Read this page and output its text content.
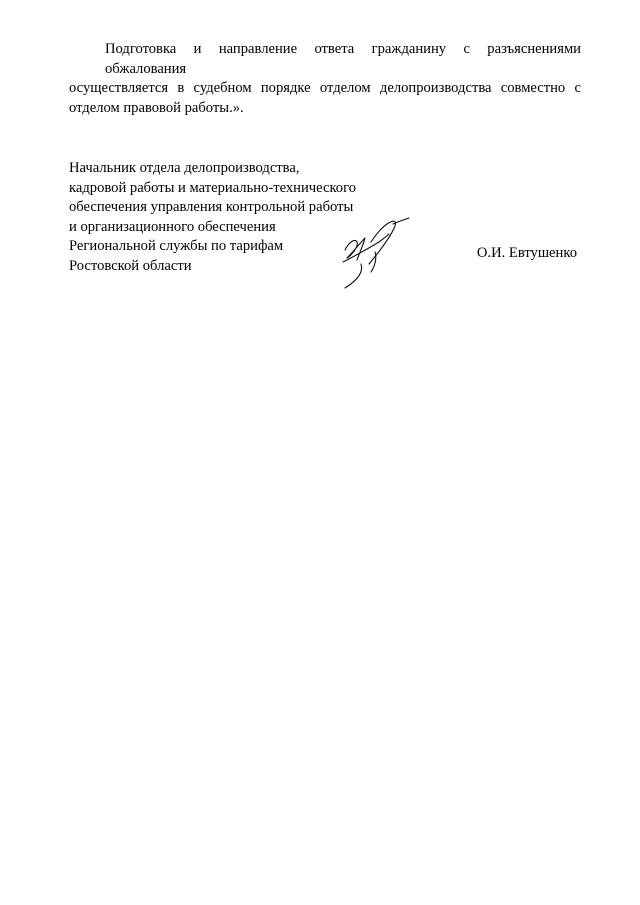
Подготовка и направление ответа гражданину с разъяснениями обжалования
осуществляется в судебном порядке отделом делопроизводства совместно с
отделом правовой работы.».

Начальник отдела делопроизводства,
кадровой работы и материально-технического
обеспечения управления контрольной работы
и организационного обеспечения
Региональной службы по тарифам
Ростовской области
О.И. Евтушенко
